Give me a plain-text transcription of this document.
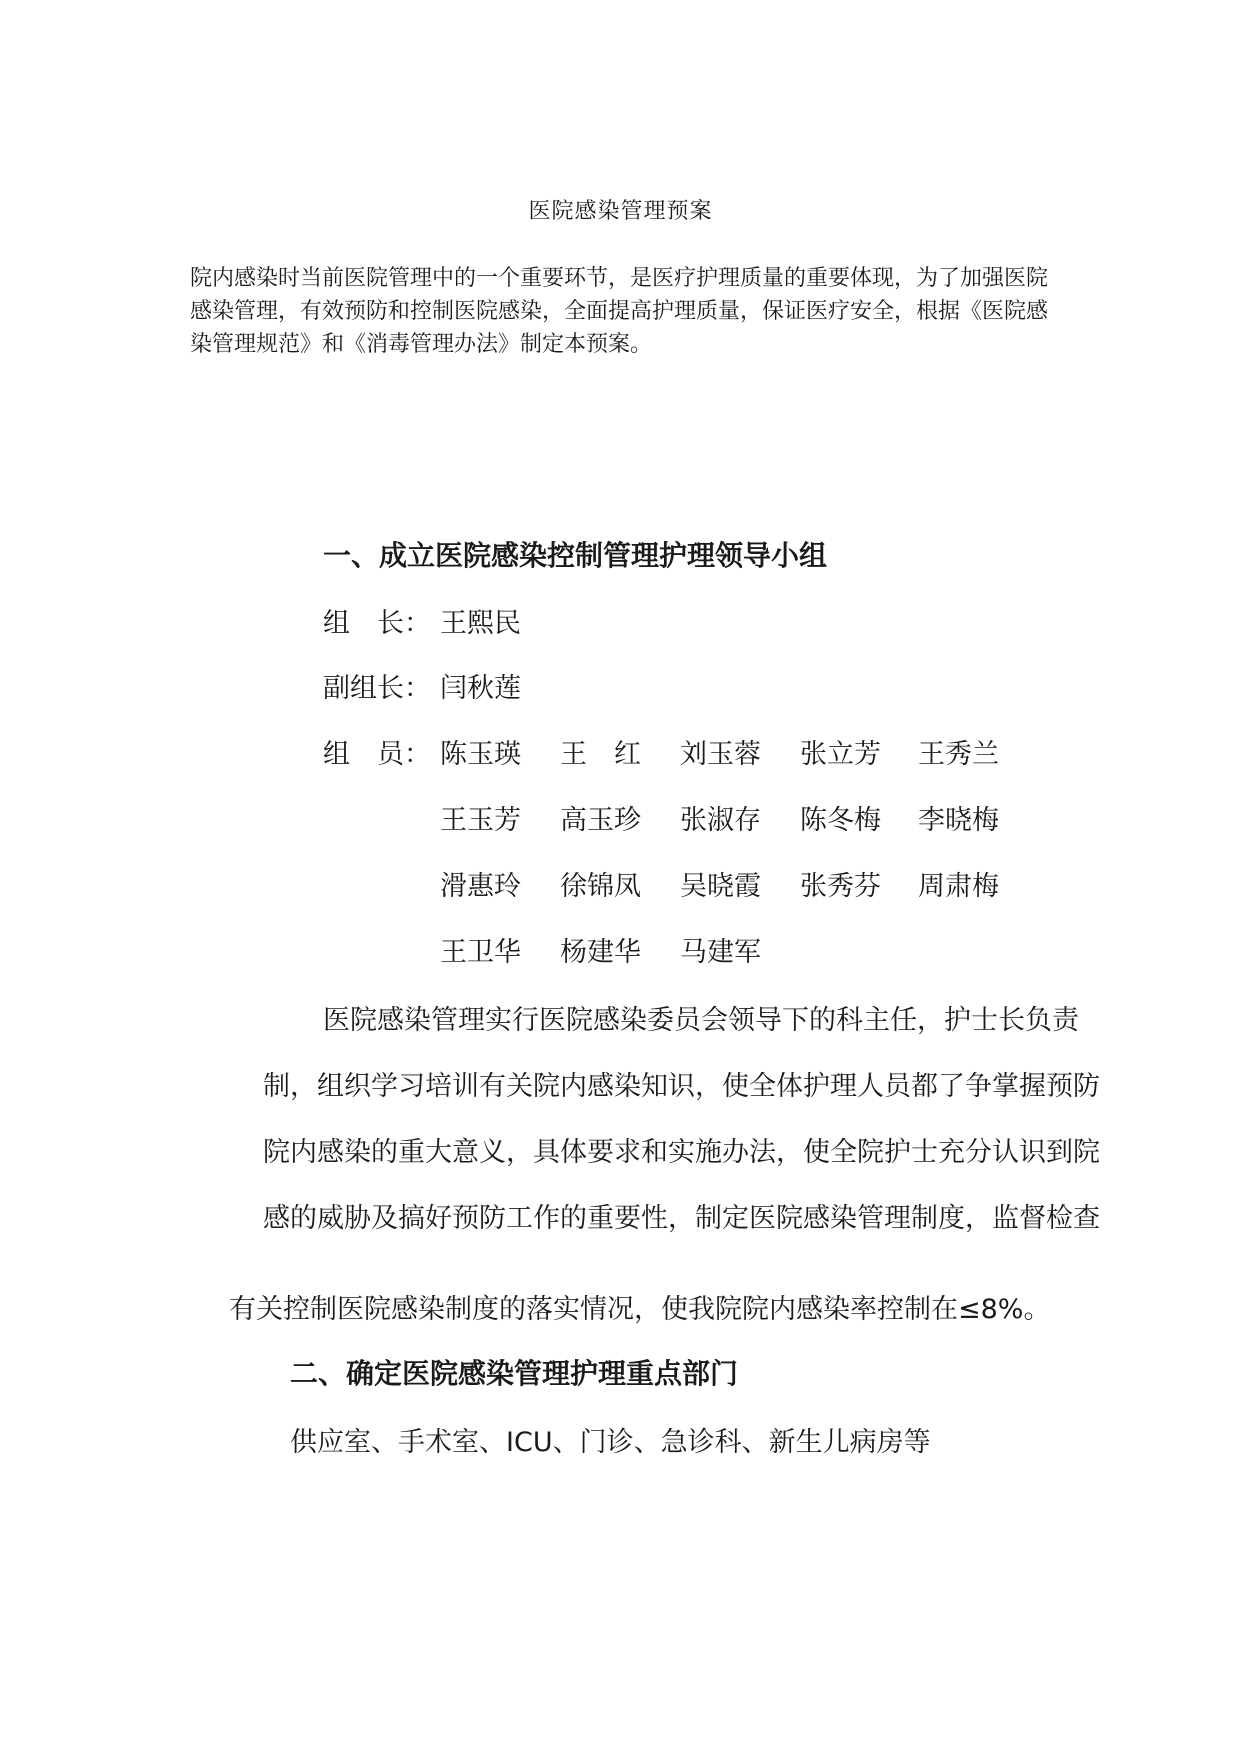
医院感染管理预案

院内感染时当前医院管理中的一个重要环节，是医疗护理质量的重要体现，为了加强医院感染管理，有效预防和控制医院感染，全面提高护理质量，保证医疗安全，根据《医院感染管理规范》和《消毒管理办法》制定本预案。

一、成立医院感染控制管理护理领导小组
组　长： 王熙民
副组长： 闫秋莲
组　员： 陈玉瑛 王　红 刘玉蓉 张立芳 王秀兰
王玉芳 高玉珍 张淑存 陈冬梅 李晓梅
滑惠玲 徐锦凤 吴晓霞 张秀芬 周肃梅
王卫华 杨建华 马建军
医院感染管理实行医院感染委员会领导下的科主任，护士长负责
制，组织学习培训有关院内感染知识，使全体护理人员都了争掌握预防
院内感染的重大意义，具体要求和实施办法，使全院护士充分认识到院
感的威胁及搞好预防工作的重要性，制定医院感染管理制度，监督检查
有关控制医院感染制度的落实情况，使我院院内感染率控制在≤8%。
二、确定医院感染管理护理重点部门
供应室、手术室、ICU、门诊、急诊科、新生儿病房等
